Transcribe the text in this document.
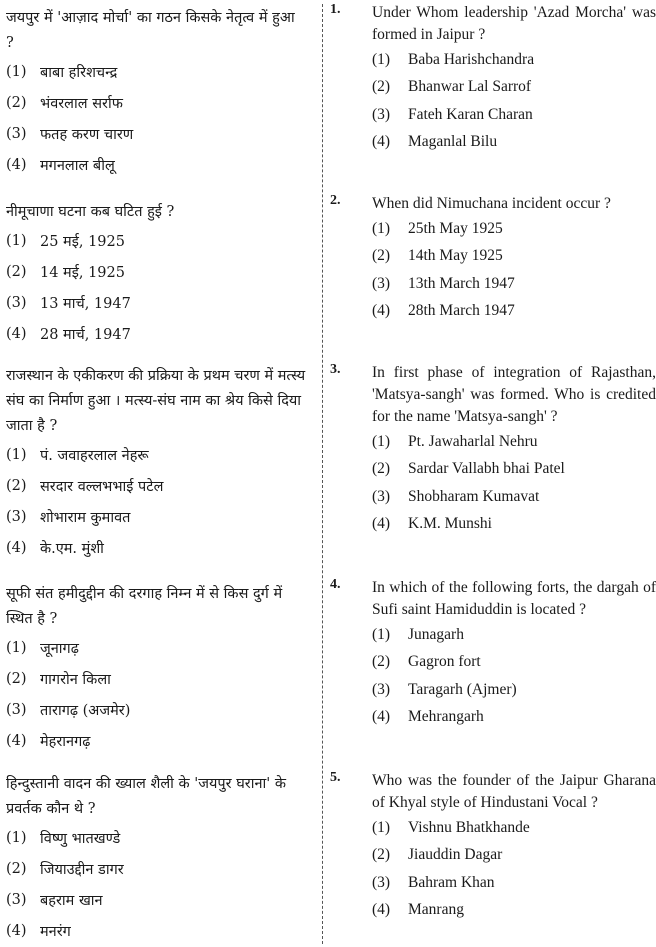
जयपुर में 'आज़ाद मोर्चा' का गठन किसके नेतृत्व में हुआ ?

(1) बाबा हरिशचन्द्र
(2) भंवरलाल सर्राफ
(3) फतह करण चारण
(4) मगनलाल बीलू

नीमूचाणा घटना कब घटित हुई ?

(1) 25 मई, 1925
(2) 14 मई, 1925
(3) 13 मार्च, 1947
(4) 28 मार्च, 1947

राजस्थान के एकीकरण की प्रक्रिया के प्रथम चरण में मत्स्य संघ का निर्माण हुआ । मत्स्य-संघ नाम का श्रेय किसे दिया जाता है ?

(1) पं. जवाहरलाल नेहरू
(2) सरदार वल्लभभाई पटेल
(3) शोभाराम कुमावत
(4) के.एम. मुंशी

सूफी संत हमीदुद्दीन की दरगाह निम्न में से किस दुर्ग में स्थित है ?

(1) जूनागढ़
(2) गागरोन किला
(3) तारागढ़ (अजमेर)
(4) मेहरानगढ़

हिन्दुस्तानी वादन की ख्याल शैली के 'जयपुर घराना' के प्रवर्तक कौन थे ?

(1) विष्णु भातखण्डे
(2) जियाउद्दीन डागर
(3) बहराम खान
(4) मनरंग
1. Under Whom leadership 'Azad Morcha' was formed in Jaipur ?

(1)	Baba Harishchandra
(2)	Bhanwar Lal Sarrof
(3)	Fateh Karan Charan
(4)	Maganlal Bilu
2. When did Nimuchana incident occur ?

(1)	25th May 1925
(2)	14th May 1925
(3)	13th March 1947
(4)	28th March 1947
3. In first phase of integration of Rajasthan, 'Matsya-sangh' was formed. Who is credited for the name 'Matsya-sangh' ?

(1)	Pt. Jawaharlal Nehru
(2)	Sardar Vallabh bhai Patel
(3)	Shobharam Kumavat
(4)	K.M. Munshi
4. In which of the following forts, the dargah of Sufi saint Hamiduddin is located ?

(1)	Junagarh
(2)	Gagron fort
(3)	Taragarh (Ajmer)
(4)	Mehrangarh
5. Who was the founder of the Jaipur Gharana of Khyal style of Hindustani Vocal ?

(1)	Vishnu Bhatkhande
(2)	Jiauddin Dagar
(3)	Bahram Khan
(4)	Manrang
